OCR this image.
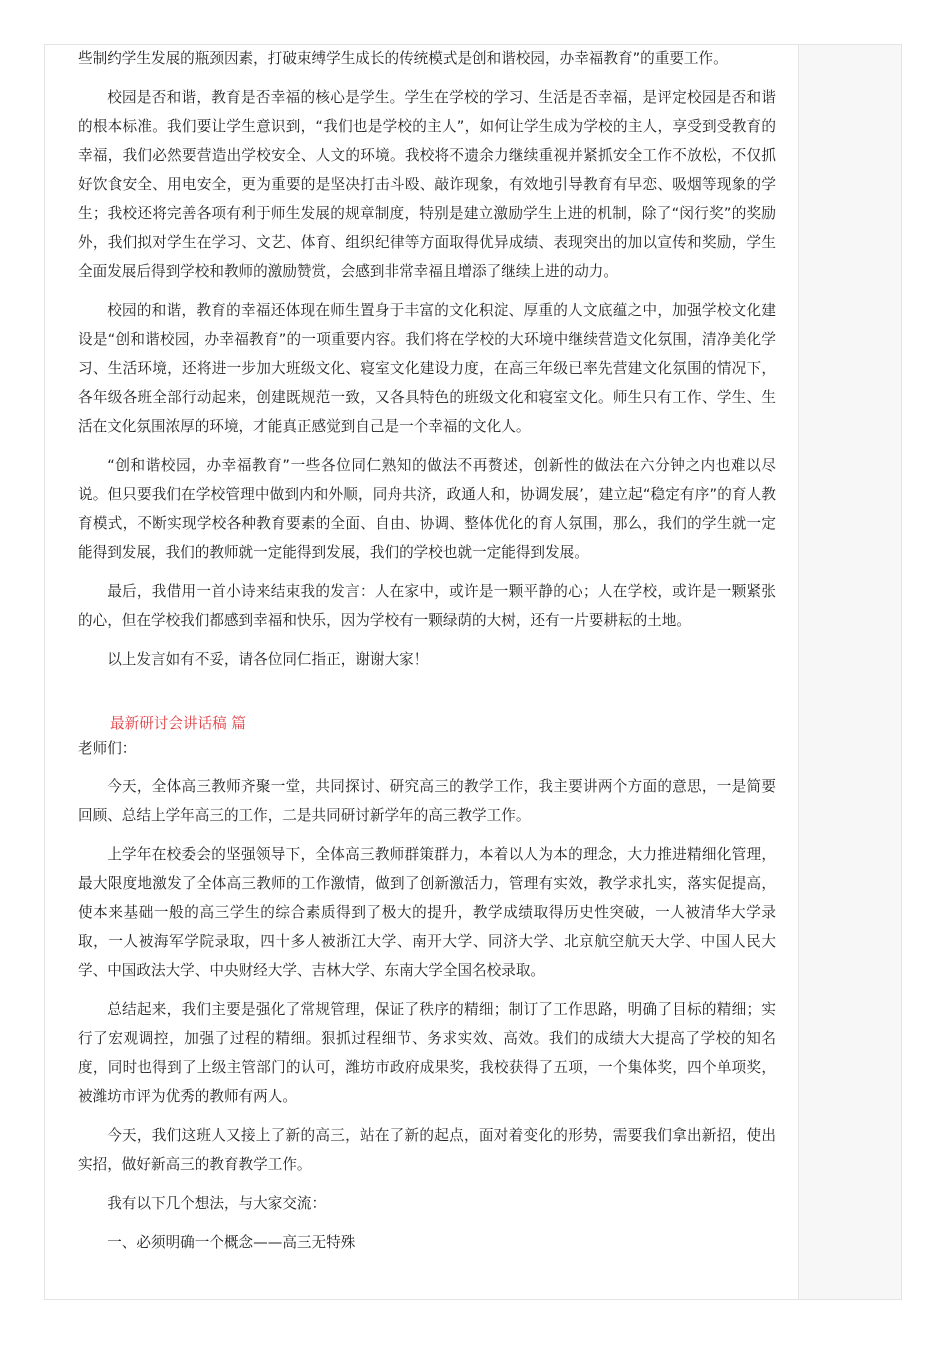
些制约学生发展的瓶颈因素，打破束缚学生成长的传统模式是创和谐校园，办幸福教育”的重要工作。

校园是否和谐，教育是否幸福的核心是学生。学生在学校的学习、生活是否幸福，是评定校园是否和谐的根本标准。我们要让学生意识到，“我们也是学校的主人”，如何让学生成为学校的主人，享受到受教育的幸福，我们必然要营造出学校安全、人文的环境。我校将不遗余力继续重视并紧抓安全工作不放松，不仅抓好饮食安全、用电安全，更为重要的是坚决打击斗殴、敲诈现象，有效地引导教育有早恋、吸烟等现象的学生；我校还将完善各项有利于师生发展的规章制度，特别是建立激励学生上进的机制，除了“闵行奖”的奖励外，我们拟对学生在学习、文艺、体育、组织纪律等方面取得优异成绩、表现突出的加以宣传和奖励，学生全面发展后得到学校和教师的激励赞赏，会感到非常幸福且增添了继续上进的动力。

校园的和谐，教育的幸福还体现在师生置身于丰富的文化积淀、厚重的人文底蕴之中，加强学校文化建设是“创和谐校园，办幸福教育”的一项重要内容。我们将在学校的大环境中继续营造文化氛围，清净美化学习、生活环境，还将进一步加大班级文化、寝室文化建设力度，在高三年级已率先营建文化氛围的情况下，各年级各班全部行动起来，创建既规范一致，又各具特色的班级文化和寝室文化。师生只有工作、学生、生活在文化氛围浓厚的环境，才能真正感觉到自己是一个幸福的文化人。

“创和谐校园，办幸福教育”一些各位同仁熟知的做法不再赘述，创新性的做法在六分钟之内也难以尽说。但只要我们在学校管理中做到内和外顺，同舟共济，政通人和，协调发展’，建立起“稳定有序”的育人教育模式，不断实现学校各种教育要素的全面、自由、协调、整体优化的育人氛围，那么，我们的学生就一定能得到发展，我们的教师就一定能得到发展，我们的学校也就一定能得到发展。

最后，我借用一首小诗来结束我的发言：人在家中，或许是一颗平静的心；人在学校，或许是一颗紧张的心，但在学校我们都感到幸福和快乐，因为学校有一颗绿荫的大树，还有一片要耕耘的土地。

以上发言如有不妥，请各位同仁指正，谢谢大家！

最新研讨会讲话稿 篇
老师们：

今天，全体高三教师齐聚一堂，共同探讨、研究高三的教学工作，我主要讲两个方面的意思，一是简要回顾、总结上学年高三的工作，二是共同研讨新学年的高三教学工作。

上学年在校委会的坚强领导下，全体高三教师群策群力，本着以人为本的理念，大力推进精细化管理，最大限度地激发了全体高三教师的工作激情，做到了创新激活力，管理有实效，教学求扎实，落实促提高，使本来基础一般的高三学生的综合素质得到了极大的提升，教学成绩取得历史性突破，一人被清华大学录取，一人被海军学院录取，四十多人被浙江大学、南开大学、同济大学、北京航空航天大学、中国人民大学、中国政法大学、中央财经大学、吉林大学、东南大学全国名校录取。

总结起来，我们主要是强化了常规管理，保证了秩序的精细；制订了工作思路，明确了目标的精细；实行了宏观调控，加强了过程的精细。狠抓过程细节、务求实效、高效。我们的成绩大大提高了学校的知名度，同时也得到了上级主管部门的认可，潍坊市政府成果奖，我校获得了五项，一个集体奖，四个单项奖，被潍坊市评为优秀的教师有两人。

今天，我们这班人又接上了新的高三，站在了新的起点，面对着变化的形势，需要我们拿出新招，使出实招，做好新高三的教育教学工作。

我有以下几个想法，与大家交流：

一、必须明确一个概念——高三无特殊
